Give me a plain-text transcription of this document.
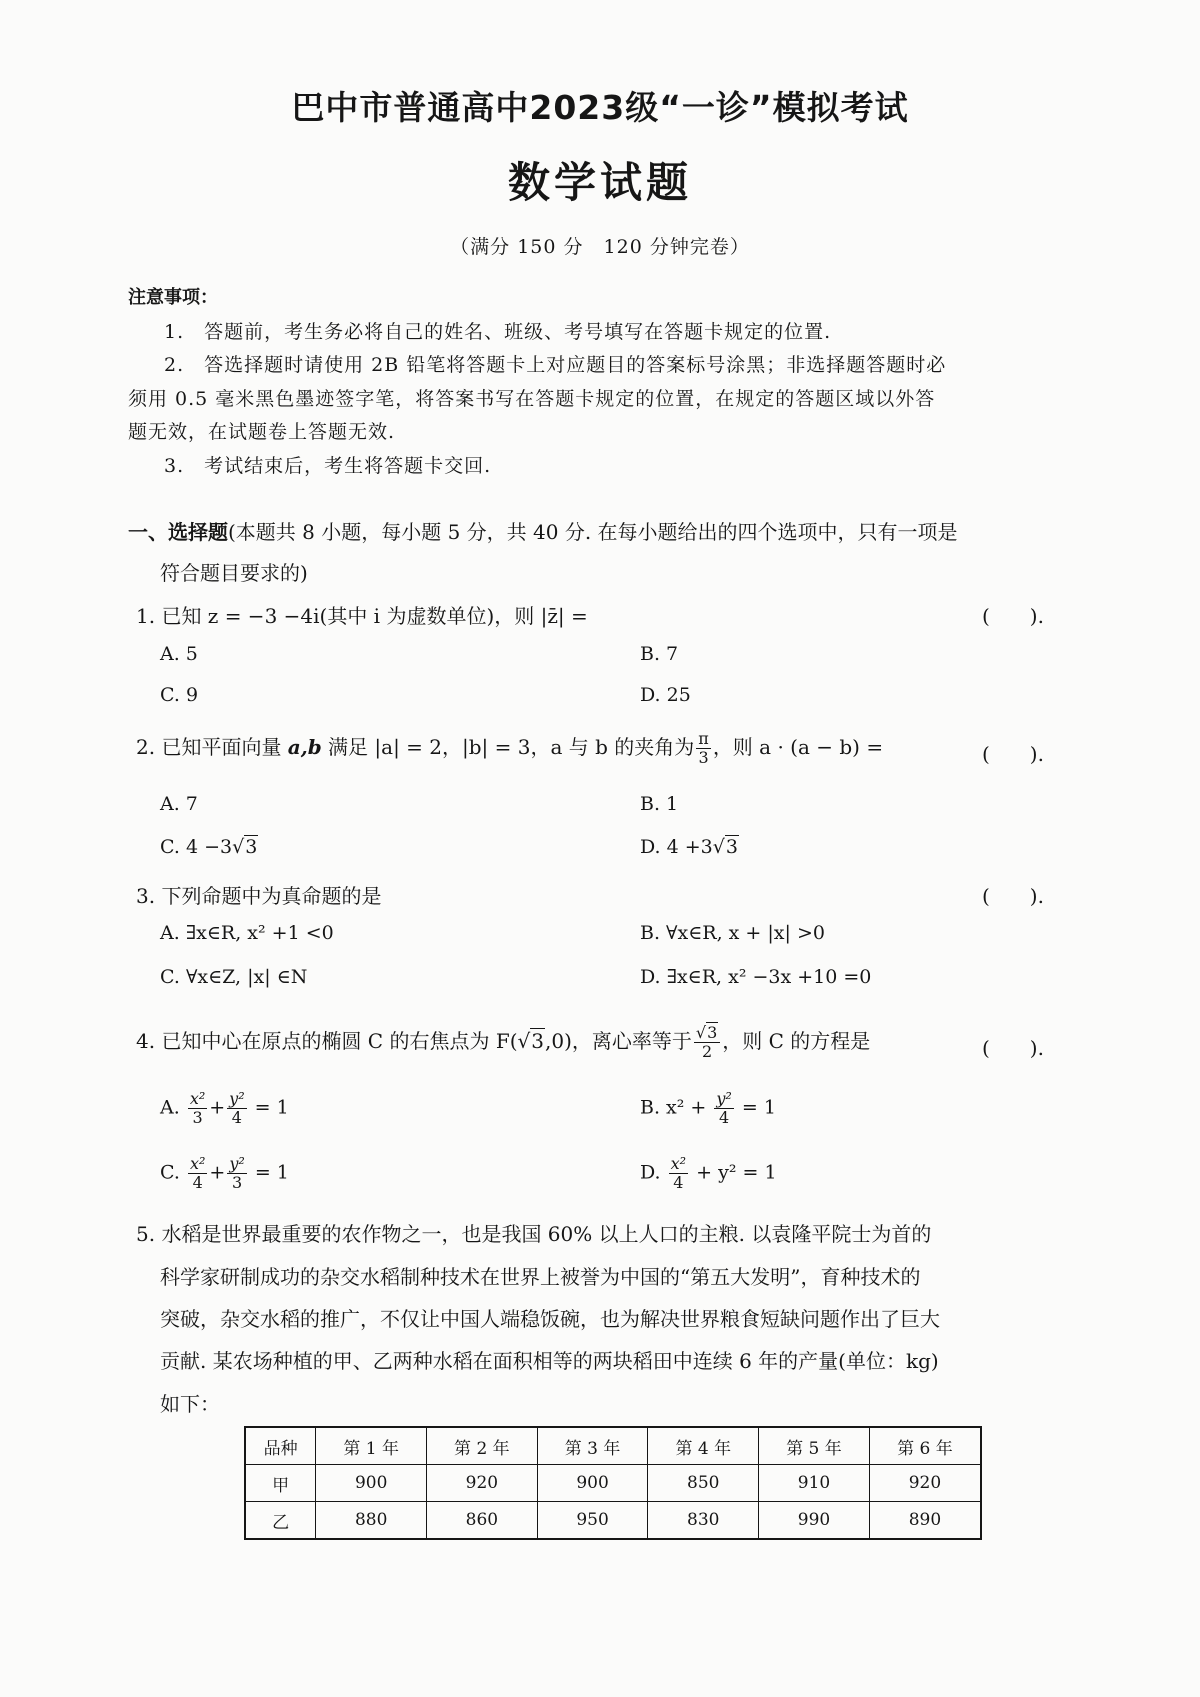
巴中市普通高中2023级“一诊”模拟考试
数学试题
（满分 150 分　120 分钟完卷）
注意事项：
1.　答题前，考生务必将自己的姓名、班级、考号填写在答题卡规定的位置.
2.　答选择题时请使用 2B 铅笔将答题卡上对应题目的答案标号涂黑；非选择题答题时必
须用 0.5 毫米黑色墨迹签字笔，将答案书写在答题卡规定的位置，在规定的答题区域以外答
题无效，在试题卷上答题无效.
3.　考试结束后，考生将答题卡交回.
一、选择题(本题共 8 小题，每小题 5 分，共 40 分. 在每小题给出的四个选项中，只有一项是
符合题目要求的)
1. 已知 z = −3 −4i(其中 i 为虚数单位)，则 |z̄| =	(　　).
A. 5	B. 7
C. 9	D. 25
2. 已知平面向量 a,b 满足 |a| = 2，|b| = 3，a 与 b 的夹角为 $\frac{\pi}{3}$ ，则 a · (a − b) =	(　　).
A. 7	B. 1
C. 4 −3√3	D. 4 +3√3
3. 下列命题中为真命题的是	(　　).
A. ∃x∈R, x² +1 <0	B. ∀x∈R, x + |x| >0
C. ∀x∈Z, |x| ∈N	D. ∃x∈R, x² −3x +10 =0
4. 已知中心在原点的椭圆 C 的右焦点为 F(√3,0)，离心率等于 $\frac{√3}{2}$ ，则 C 的方程是	(　　).
A. $\frac{\text{x²}}{3} + \frac{\text{y²}}{4} = 1$	B. $x^2 + \frac{\text{y²}}{4} = 1$
C. $\frac{\text{x²}}{4} + \frac{\text{y²}}{3} = 1$	D. $\frac{\text{x²}}{4} + y^2 = 1$
5. 水稻是世界最重要的农作物之一，也是我国 60% 以上人口的主粮. 以袁隆平院士为首的
科学家研制成功的杂交水稻制种技术在世界上被誉为中国的“第五大发明”，育种技术的
突破，杂交水稻的推广，不仅让中国人端稳饭碗，也为解决世界粮食短缺问题作出了巨大
贡献. 某农场种植的甲、乙两种水稻在面积相等的两块稻田中连续 6 年的产量(单位：kg)
如下：
品种	第 1 年	第 2 年	第 3 年	第 4 年	第 5 年	第 6 年
甲	900	920	900	850	910	920
乙	880	860	950	830	990	890
